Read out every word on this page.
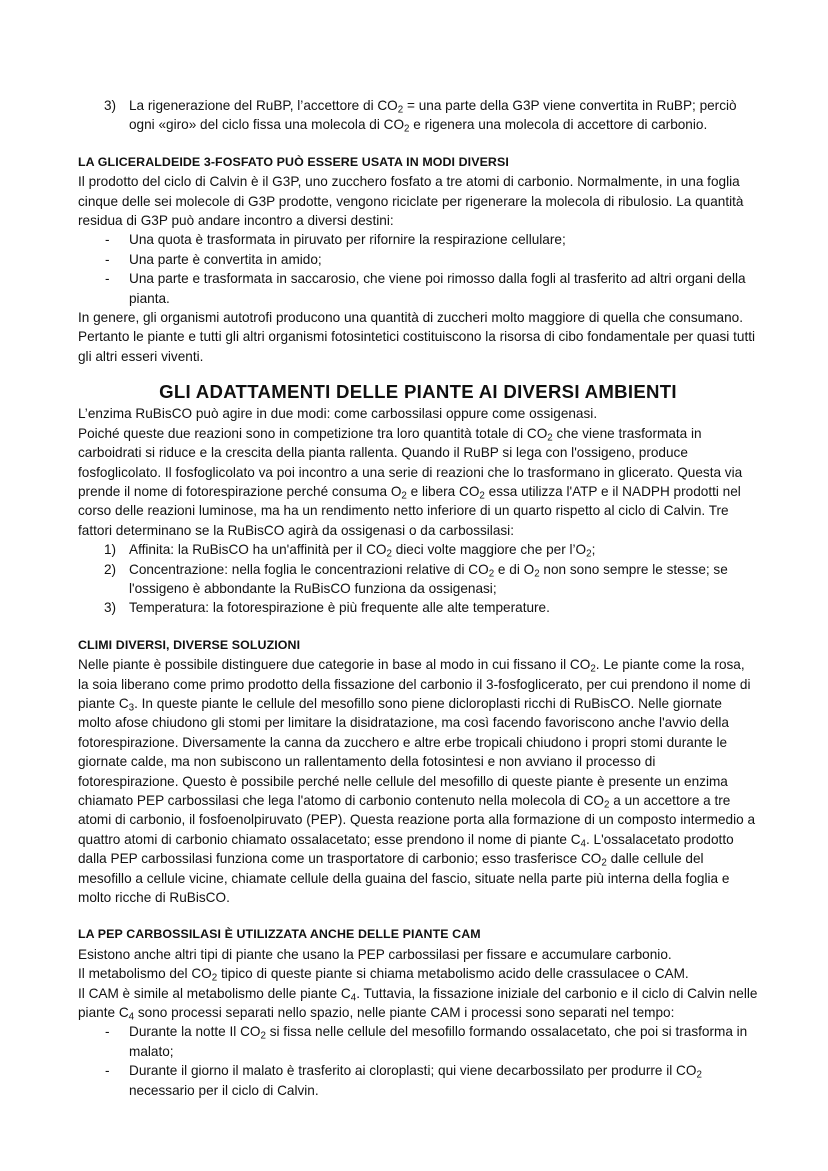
3) La rigenerazione del RuBP, l’accettore di $CO_2$ = una parte della G3P viene convertita in RuBP; perciò ogni «giro» del ciclo fissa una molecola di $CO_2$ e rigenera una molecola di accettore di carbonio.
LA GLICERALDEIDE 3-FOSFATO PUÒ ESSERE USATA IN MODI DIVERSI

Il prodotto del ciclo di Calvin è il G3P, uno zucchero fosfato a tre atomi di carbonio. Normalmente, in una foglia cinque delle sei molecole di G3P prodotte, vengono riciclate per rigenerare la molecola di ribulosio. La quantità residua di G3P può andare incontro a diversi destini:

- Una quota è trasformata in piruvato per rifornire la respirazione cellulare;
- Una parte è convertita in amido;
- Una parte e trasformata in saccarosio, che viene poi rimosso dalla fogli al trasferito ad altri organi della pianta.

In genere, gli organismi autotrofi producono una quantità di zuccheri molto maggiore di quella che consumano. Pertanto le piante e tutti gli altri organismi fotosintetici costituiscono la risorsa di cibo fondamentale per quasi tutti gli altri esseri viventi.

GLI ADATTAMENTI DELLE PIANTE AI DIVERSI AMBIENTI

L’enzima RuBisCO può agire in due modi: come carbossilasi oppure come ossigenasi.
Poiché queste due reazioni sono in competizione tra loro quantità totale di $CO_2$ che viene trasformata in carboidrati si riduce e la crescita della pianta rallenta. Quando il RuBP si lega con l'ossigeno, produce fosfoglicolato. Il fosfoglicolato va poi incontro a una serie di reazioni che lo trasformano in glicerato. Questa via prende il nome di fotorespirazione perché consuma $O_2$ e libera $CO_2$ essa utilizza l'ATP e il NADPH prodotti nel corso delle reazioni luminose, ma ha un rendimento netto inferiore di un quarto rispetto al ciclo di Calvin. Tre fattori determinano se la RuBisCO agirà da ossigenasi o da carbossilasi:

1) Affinita: la RuBisCO ha un'affinità per il $CO_2$ dieci volte maggiore che per $l’O_2$;
2) Concentrazione: nella foglia le concentrazioni relative di $CO_2$ e di $O_2$ non sono sempre le stesse; se l'ossigeno è abbondante la RuBisCO funziona da ossigenasi;
3) Temperatura: la fotorespirazione è più frequente alle alte temperature.
CLIMI DIVERSI, DIVERSE SOLUZIONI

Nelle piante è possibile distinguere due categorie in base al modo in cui fissano il $CO_2$. Le piante come la rosa, la soia liberano come primo prodotto della fissazione del carbonio il 3-fosfoglicerato, per cui prendono il nome di piante $C_3$. In queste piante le cellule del mesofillo sono piene dicloroplasti ricchi di RuBisCO. Nelle giornate molto afose chiudono gli stomi per limitare la disidratazione, ma così facendo favoriscono anche l'avvio della fotorespirazione. Diversamente la canna da zucchero e altre erbe tropicali chiudono i propri stomi durante le giornate calde, ma non subiscono un rallentamento della fotosintesi e non avviano il processo di fotorespirazione. Questo è possibile perché nelle cellule del mesofillo di queste piante è presente un enzima chiamato PEP carbossilasi che lega l'atomo di carbonio contenuto nella molecola di $CO_2$ a un accettore a tre atomi di carbonio, il fosfoenolpiruvato (PEP). Questa reazione porta alla formazione di un composto intermedio a quattro atomi di carbonio chiamato ossalacetato; esse prendono il nome di piante $C_4$. L'ossalacetato prodotto dalla PEP carbossilasi funziona come un trasportatore di carbonio; esso trasferisce $CO_2$ dalle cellule del mesofillo a cellule vicine, chiamate cellule della guaina del fascio, situate nella parte più interna della foglia e molto ricche di RuBisCO.

LA PEP CARBOSSILASI È UTILIZZATA ANCHE DELLE PIANTE CAM

Esistono anche altri tipi di piante che usano la PEP carbossilasi per fissare e accumulare carbonio.
Il metabolismo del $CO_2$ tipico di queste piante si chiama metabolismo acido delle crassulacee o CAM.
Il CAM è simile al metabolismo delle piante $C_4$. Tuttavia, la fissazione iniziale del carbonio e il ciclo di Calvin nelle piante $C_4$ sono processi separati nello spazio, nelle piante CAM i processi sono separati nel tempo:

- Durante la notte Il $CO_2$ si fissa nelle cellule del mesofillo formando ossalacetato, che poi si trasforma in malato;
- Durante il giorno il malato è trasferito ai cloroplasti; qui viene decarbossilato per produrre il $CO_2$ necessario per il ciclo di Calvin.
